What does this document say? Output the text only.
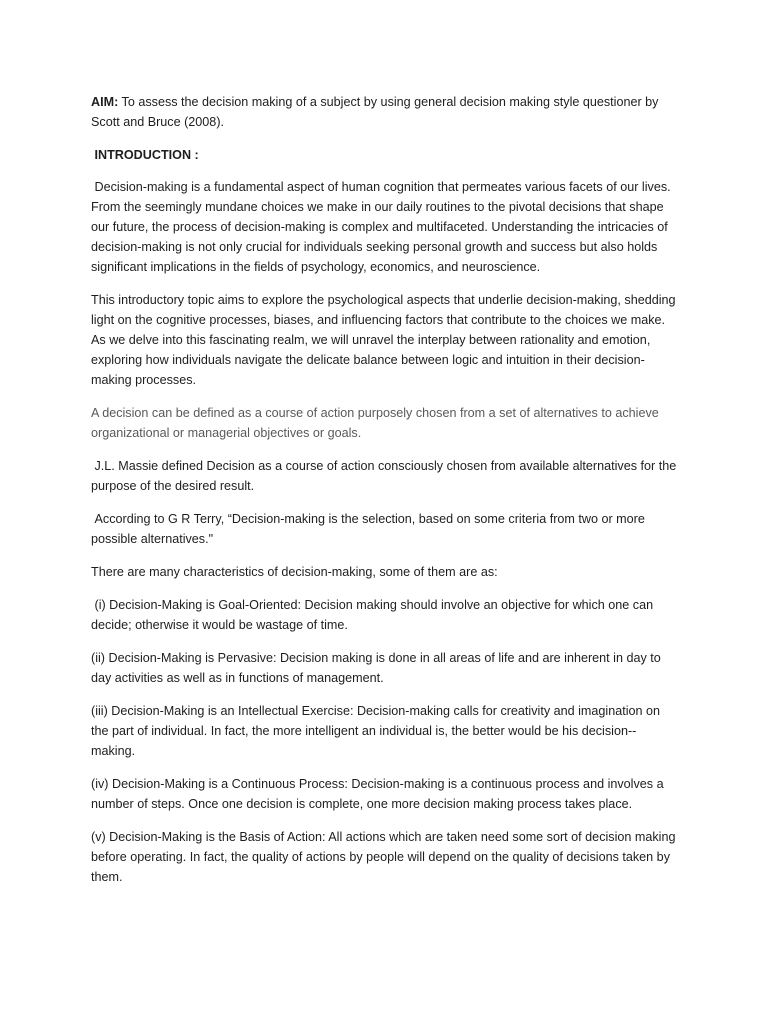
AIM: To assess the decision making of a subject by using general decision making style questioner by Scott and Bruce (2008).

INTRODUCTION :

Decision-making is a fundamental aspect of human cognition that permeates various facets of our lives. From the seemingly mundane choices we make in our daily routines to the pivotal decisions that shape our future, the process of decision-making is complex and multifaceted. Understanding the intricacies of decision-making is not only crucial for individuals seeking personal growth and success but also holds significant implications in the fields of psychology, economics, and neuroscience.

This introductory topic aims to explore the psychological aspects that underlie decision-making, shedding light on the cognitive processes, biases, and influencing factors that contribute to the choices we make. As we delve into this fascinating realm, we will unravel the interplay between rationality and emotion, exploring how individuals navigate the delicate balance between logic and intuition in their decision-making processes.

A decision can be defined as a course of action purposely chosen from a set of alternatives to achieve organizational or managerial objectives or goals.

J.L. Massie defined Decision as a course of action consciously chosen from available alternatives for the purpose of the desired result.

According to G R Terry, “Decision-making is the selection, based on some criteria from two or more possible alternatives."

There are many characteristics of decision-making, some of them are as:

(i) Decision-Making is Goal-Oriented: Decision making should involve an objective for which one can decide; otherwise it would be wastage of time.

(ii) Decision-Making is Pervasive: Decision making is done in all areas of life and are inherent in day to day activities as well as in functions of management.

(iii) Decision-Making is an Intellectual Exercise: Decision-making calls for creativity and imagination on the part of individual. In fact, the more intelligent an individual is, the better would be his decision--making.

(iv) Decision-Making is a Continuous Process: Decision-making is a continuous process and involves a number of steps. Once one decision is complete, one more decision making process takes place.

(v) Decision-Making is the Basis of Action: All actions which are taken need some sort of decision making before operating. In fact, the quality of actions by people will depend on the quality of decisions taken by them.
